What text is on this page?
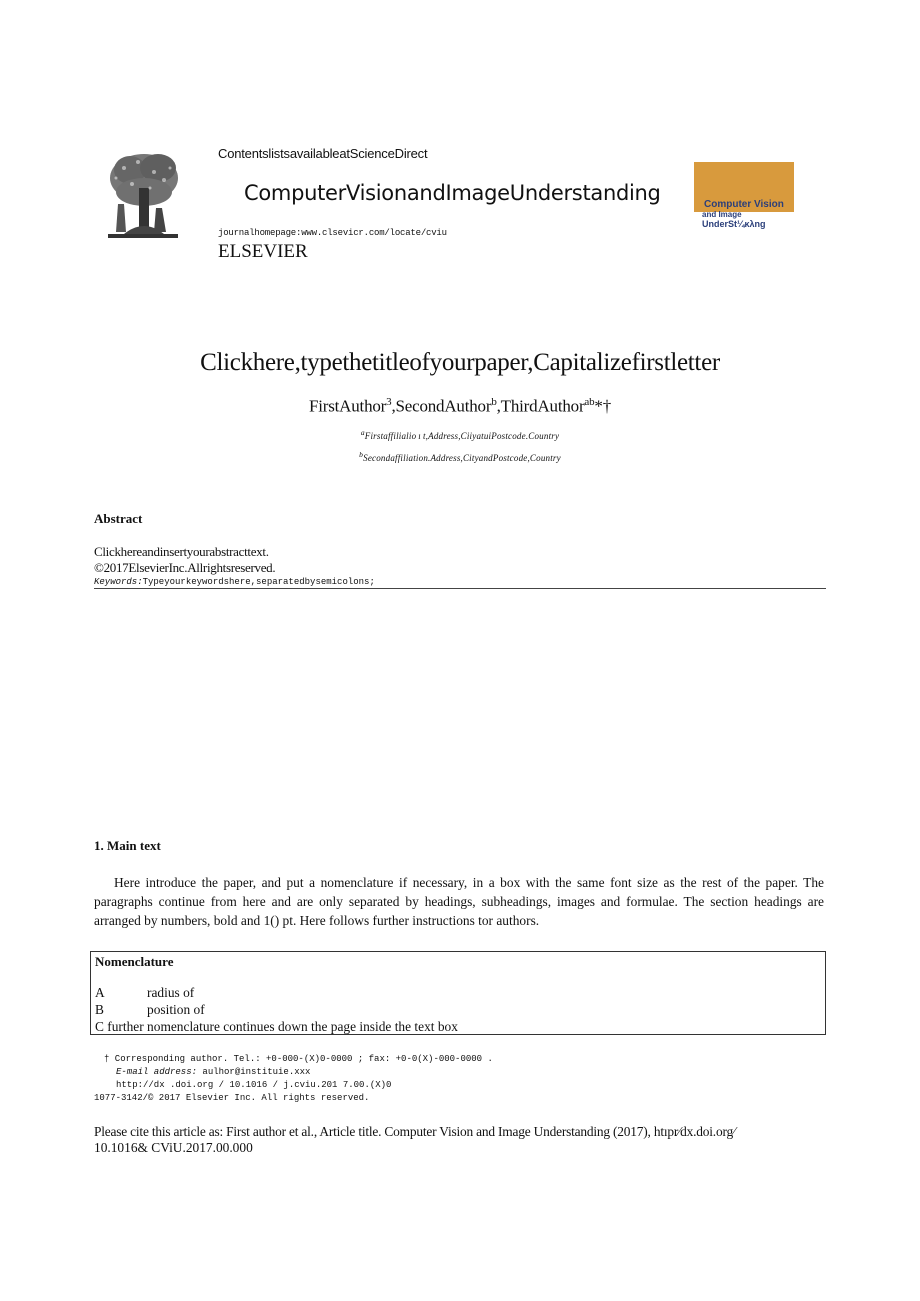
ContentslistsavailableatScienceDirect
ComputerVisionandImageUnderstanding
journalhomepage:www.clsevicr.com/locate/cviu
ELSEVIER
Computer Vision
and Image
UnderSt¼κλng
Clickhere,typethetitleofyourpaper,Capitalizefirstletter
FirstAuthor$^3$,SecondAuthor$^b$,ThirdAuthor$^{ab}$*†
$^a$Firstaffilialio ı t,Address,CiiyatuiPostcode.Country
$^b$Secondaffiliation.Address,CityandPostcode,Country
Abstract
Clickhereandinsertyourabstracttext.
©2017ElsevierInc.Allrightsreserved.
Keywords:Typeyourkeywordshere,separatedbysemicolons;
1. Main text
Here introduce the paper, and put a nomenclature if necessary, in a box with the same font size as the rest of the paper. The paragraphs continue from here and are only separated by headings, subheadings, images and formulae. The section headings are arranged by numbers, bold and 1() pt. Here follows further instructions tor authors.
Nomenclature
A	radius of
B	position of
C further nomenclature continues down the page inside the text box
† Corresponding author. Tel.: +0-000-(X)0-0000 ; fax: +0-0(X)-000-0000 .
E-mail address: aulhor@instituie.xxx
http://dx .doi.org / 10.1016 / j.cviu.201 7.00.(X)0
1077-3142/© 2017 Elsevier Inc. All rights reserved.
Please cite this article as: First author et al., Article title. Computer Vision and Image Understanding (2017), htıpr⁄dx.doi.org⁄
10.1016& CViU.2017.00.000
